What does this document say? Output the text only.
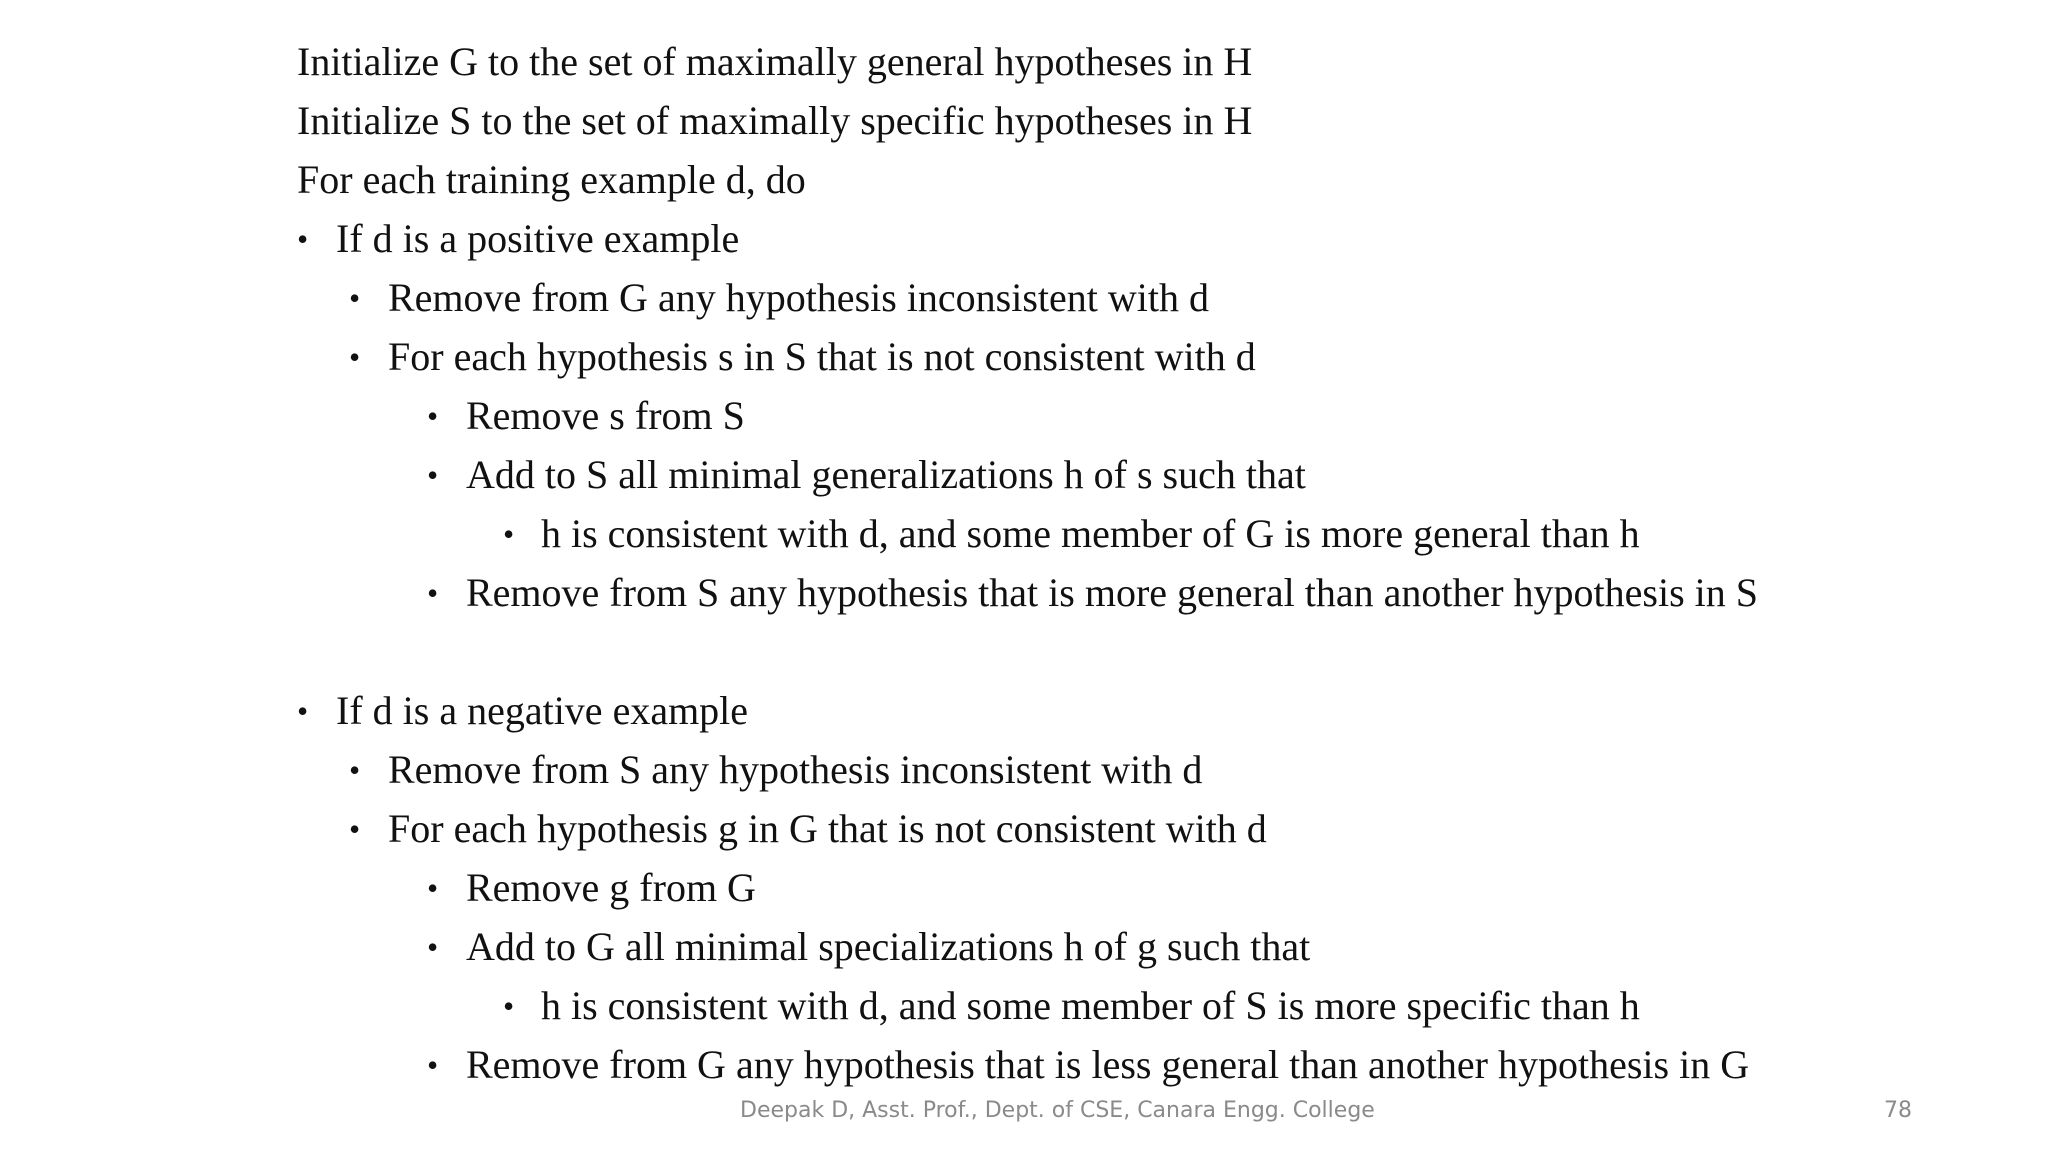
Initialize G to the set of maximally general hypotheses in H
Initialize S to the set of maximally specific hypotheses in H
For each training example d, do
• If d is a positive example
• Remove from G any hypothesis inconsistent with d
• For each hypothesis s in S that is not consistent with d
• Remove s from S
• Add to S all minimal generalizations h of s such that
• h is consistent with d, and some member of G is more general than h
• Remove from S any hypothesis that is more general than another hypothesis in S
• If d is a negative example
• Remove from S any hypothesis inconsistent with d
• For each hypothesis g in G that is not consistent with d
• Remove g from G
• Add to G all minimal specializations h of g such that
• h is consistent with d, and some member of S is more specific than h
• Remove from G any hypothesis that is less general than another hypothesis in G
Deepak D, Asst. Prof., Dept. of CSE, Canara Engg. College	78
